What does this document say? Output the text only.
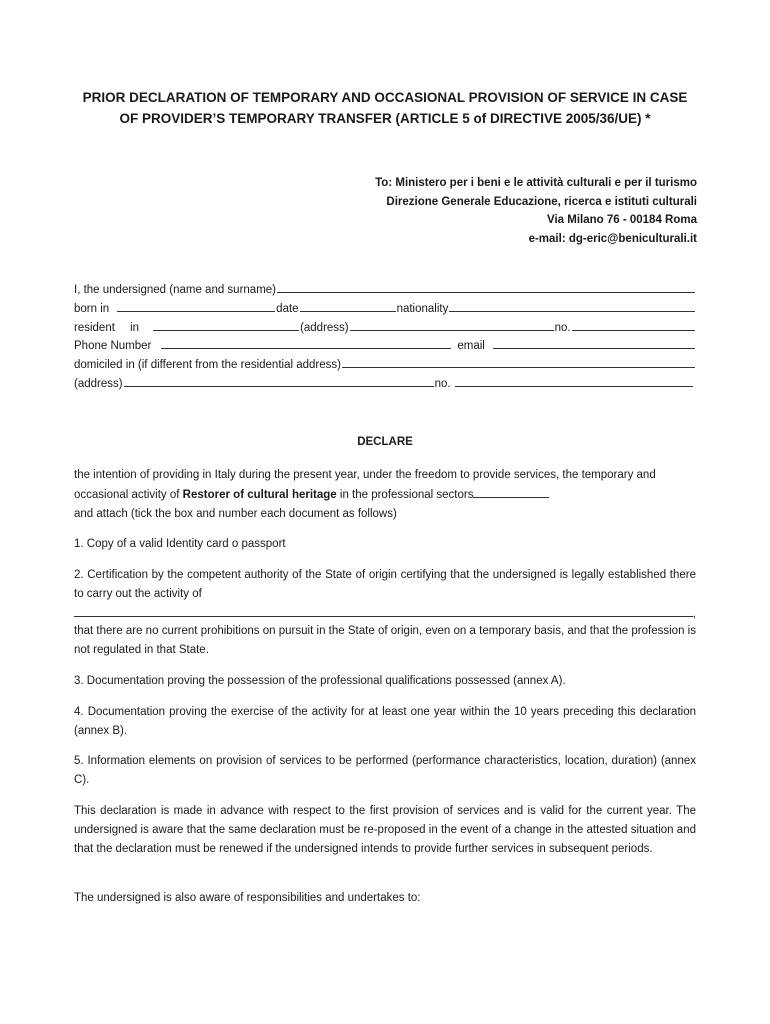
PRIOR DECLARATION OF TEMPORARY AND OCCASIONAL PROVISION OF SERVICE IN CASE
OF PROVIDER’S TEMPORARY TRANSFER (ARTICLE 5 of DIRECTIVE 2005/36/UE) *
To: Ministero per i beni e le attività culturali e per il turismo
Direzione Generale Educazione, ricerca e istituti culturali
Via Milano 76 - 00184 Roma
e-mail: dg-eric@beniculturali.it
I, the undersigned (name and surname)
born in	date	nationality
resident in	(address)	no.
Phone Number	email
domiciled in (if different from the residential address)
(address)	no.
DECLARE
the intention of providing in Italy during the present year, under the freedom to provide services, the temporary and occasional activity of Restorer of cultural heritage in the professional sectors
and attach (tick the box and number each document as follows)
1. Copy of a valid Identity card o passport
2. Certification by the competent authority of the State of origin certifying that the undersigned is legally established there to carry out the activity of
,
that there are no current prohibitions on pursuit in the State of origin, even on a temporary basis, and that the profession is not regulated in that State.
3. Documentation proving the possession of the professional qualifications possessed (annex A).
4. Documentation proving the exercise of the activity for at least one year within the 10 years preceding this declaration (annex B).
5. Information elements on provision of services to be performed (performance characteristics, location, duration) (annex C).
This declaration is made in advance with respect to the first provision of services and is valid for the current year. The undersigned is aware that the same declaration must be re-proposed in the event of a change in the attested situation and that the declaration must be renewed if the undersigned intends to provide further services in subsequent periods.
The undersigned is also aware of responsibilities and undertakes to:
